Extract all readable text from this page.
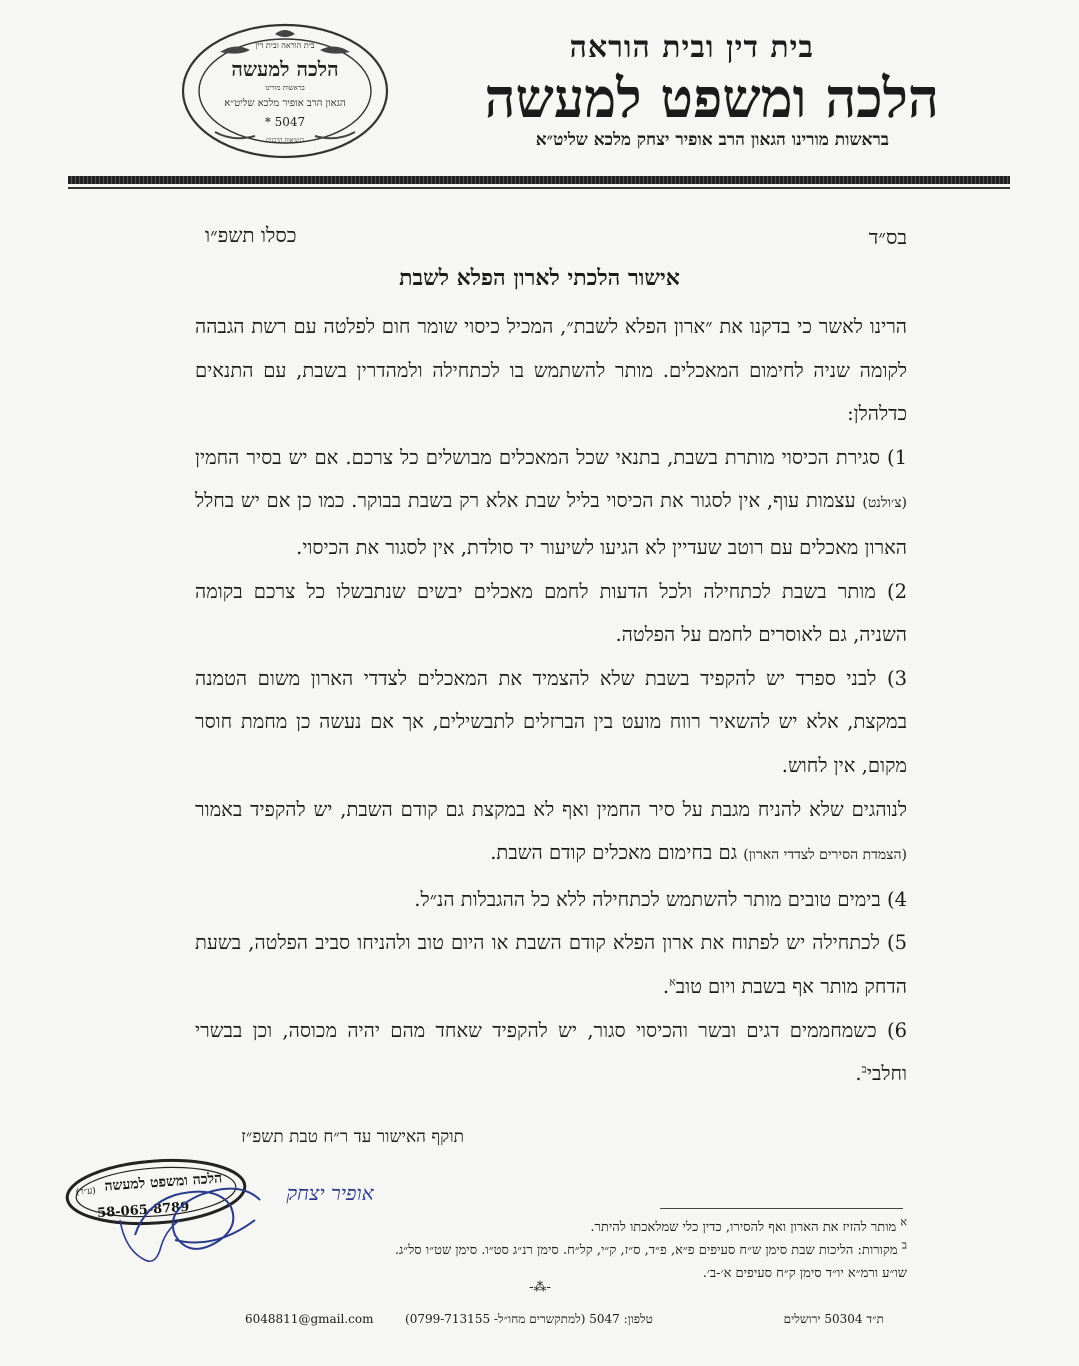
בית דין ובית הוראה
הלכה ומשפט למעשה
בראשות מורינו הגאון הרב אופיר יצחק מלכא שליט״א
בית הוראה ובית דין
הלכה למעשה
בראשות מורינו
הגאון הרב אופיר מלכא שליט״א
* 5047
בנשיאות הרבנים
בס״ד
כסלו תשפ״ו
אישור הלכתי לארון הפלא לשבת

הרינו לאשר כי בדקנו את ״ארון הפלא לשבת״, המכיל כיסוי שומר חום לפלטה עם רשת הגבהה לקומה שניה לחימום המאכלים. מותר להשתמש בו לכתחילה ולמהדרין בשבת, עם התנאים כדלהלן:

1) סגירת הכיסוי מותרת בשבת, בתנאי שכל המאכלים מבושלים כל צרכם. אם יש בסיר החמין (צ׳ולנט) עצמות עוף, אין לסגור את הכיסוי בליל שבת אלא רק בשבת בבוקר. כמו כן אם יש בחלל הארון מאכלים עם רוטב שעדיין לא הגיעו לשיעור יד סולדת, אין לסגור את הכיסוי.

2) מותר בשבת לכתחילה ולכל הדעות לחמם מאכלים יבשים שנתבשלו כל צרכם בקומה השניה, גם לאוסרים לחמם על הפלטה.

3) לבני ספרד יש להקפיד בשבת שלא להצמיד את המאכלים לצדדי הארון משום הטמנה במקצת, אלא יש להשאיר רווח מועט בין הברזלים לתבשילים, אך אם נעשה כן מחמת חוסר מקום, אין לחוש.

לנוהגים שלא להניח מגבת על סיר החמין ואף לא במקצת גם קודם השבת, יש להקפיד באמור (הצמדת הסירים לצדדי הארון) גם בחימום מאכלים קודם השבת.

4) בימים טובים מותר להשתמש לכתחילה ללא כל ההגבלות הנ״ל.

5) לכתחילה יש לפתוח את ארון הפלא קודם השבת או היום טוב ולהניחו סביב הפלטה, בשעת הדחק מותר אף בשבת ויום טוב$^א$.

6) כשמחממים דגים ובשר והכיסוי סגור, יש להקפיד שאחד מהם יהיה מכוסה, וכן בבשרי וחלבי$^ב$.

תוקף האישור עד ר״ח טבת תשפ״ז
הלכה ומשפט למעשה
(ע״ר)
58-065-8789
אופיר יצחק

$^א$ מותר להזיז את הארון ואף להסירו, כדין כלי שמלאכתו להיתר.

$^ב$ מקורות: הליכות שבת סימן ש״ח סעיפים פ״א, פ״ד, ס״ז, ק״י, קל״ח. סימן רנ״ג סט״ו. סימן שט״ו סל״ג.

שו״ע ורמ״א יו״ד סימן ק״ח סעיפים א׳-ב׳.

-⁂-
ת״ד 50304 ירושלים
טלפון: 5047 (למתקשרים מחו״ל- 0799-713155)
6048811@gmail.com
